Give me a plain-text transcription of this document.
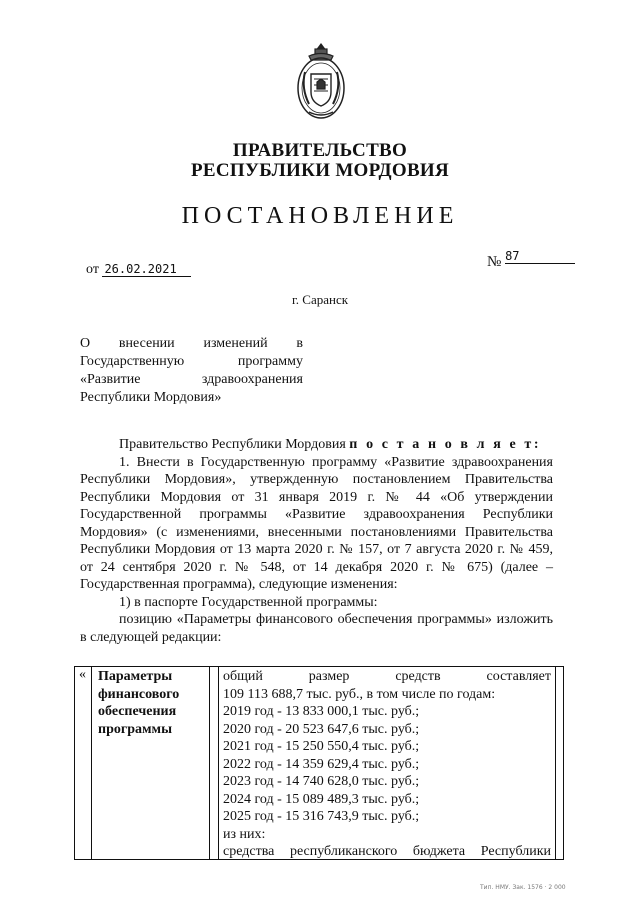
ПРАВИТЕЛЬСТВО
РЕСПУБЛИКИ МОРДОВИЯ
ПОСТАНОВЛЕНИЕ
от 26.02.2021	№ 87
г. Саранск
О внесении изменений в
Государственную программу
«Развитие здравоохранения
Республики Мордовия»
Правительство Республики Мордовия п о с т а н о в л я е т:
1. Внести в Государственную программу «Развитие здравоохранения
Республики Мордовия», утвержденную постановлением Правительства
Республики Мордовия от 31 января 2019 г. № 44 «Об утверждении
Государственной программы «Развитие здравоохранения Республики
Мордовия» (с изменениями, внесенными постановлениями Правительства
Республики Мордовия от 13 марта 2020 г. № 157, от 7 августа 2020 г. № 459,
от 24 сентября 2020 г. № 548, от 14 декабря 2020 г. № 675) (далее –
Государственная программа), следующие изменения:
1) в паспорте Государственной программы:
позицию «Параметры финансового обеспечения программы» изложить
в следующей редакции:
« Параметры
финансового
обеспечения
программы
общий размер средств составляет
109 113 688,7 тыс. руб., в том числе по годам:
2019 год - 13 833 000,1 тыс. руб.;
2020 год - 20 523 647,6 тыс. руб.;
2021 год - 15 250 550,4 тыс. руб.;
2022 год - 14 359 629,4 тыс. руб.;
2023 год - 14 740 628,0 тыс. руб.;
2024 год - 15 089 489,3 тыс. руб.;
2025 год - 15 316 743,9 тыс. руб.;
из них:
средства республиканского бюджета Республики
Тип. НМУ. Зак. 1576 · 2 000
